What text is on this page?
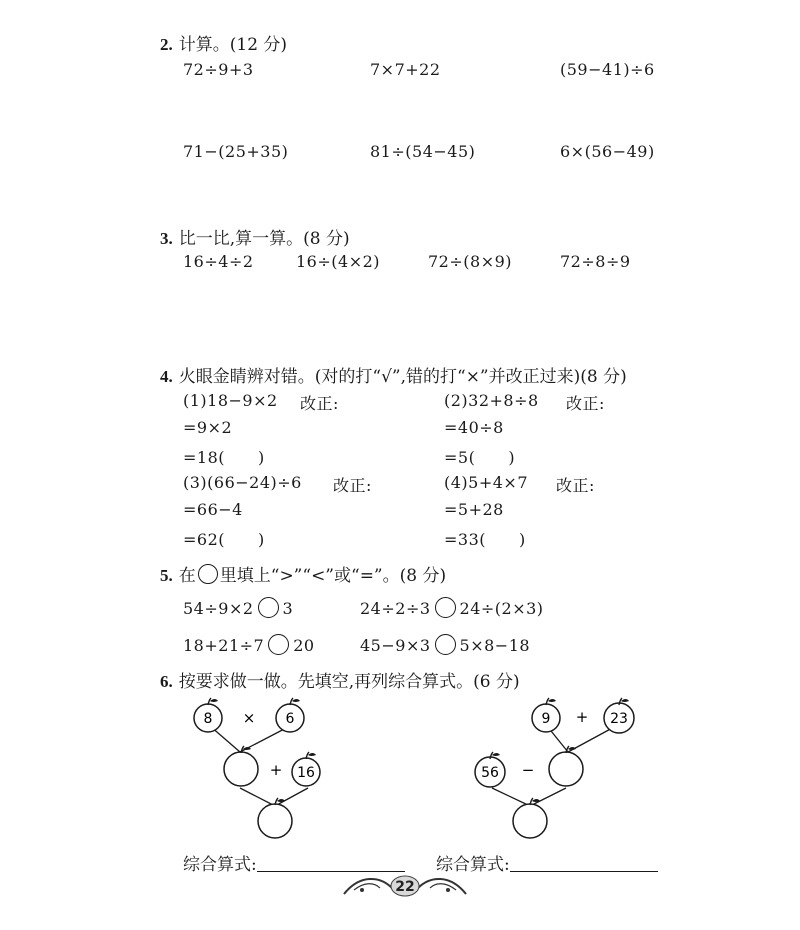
2. 计算。(12 分)
72÷9+3	7×7+22	(59−41)÷6
71−(25+35)	81÷(54−45)	6×(56−49)
3. 比一比,算一算。(8 分)
16÷4÷2	16÷(4×2)	72÷(8×9)	72÷8÷9
4. 火眼金睛辨对错。(对的打“√”,错的打“×”并改正过来)(8 分)
(1)18−9×2 改正:
=9×2
=18(　　)
(2)32+8÷8 改正:
=40÷8
=5(　　)
(3)(66−24)÷6 改正:
=66−4
=62(　　)
(4)5+4×7 改正:
=5+28
=33(　　)
5. 在 里填上“>”“<”或“=”。(8 分)
54÷9×2 3	24÷2÷3 24÷(2×3)
18+21÷7 20	45−9×3 5×8−18
6. 按要求做一做。先填空,再列综合算式。(6 分)
8 × 6
+ 16
9 + 23
56 −
综合算式:	综合算式:
22
